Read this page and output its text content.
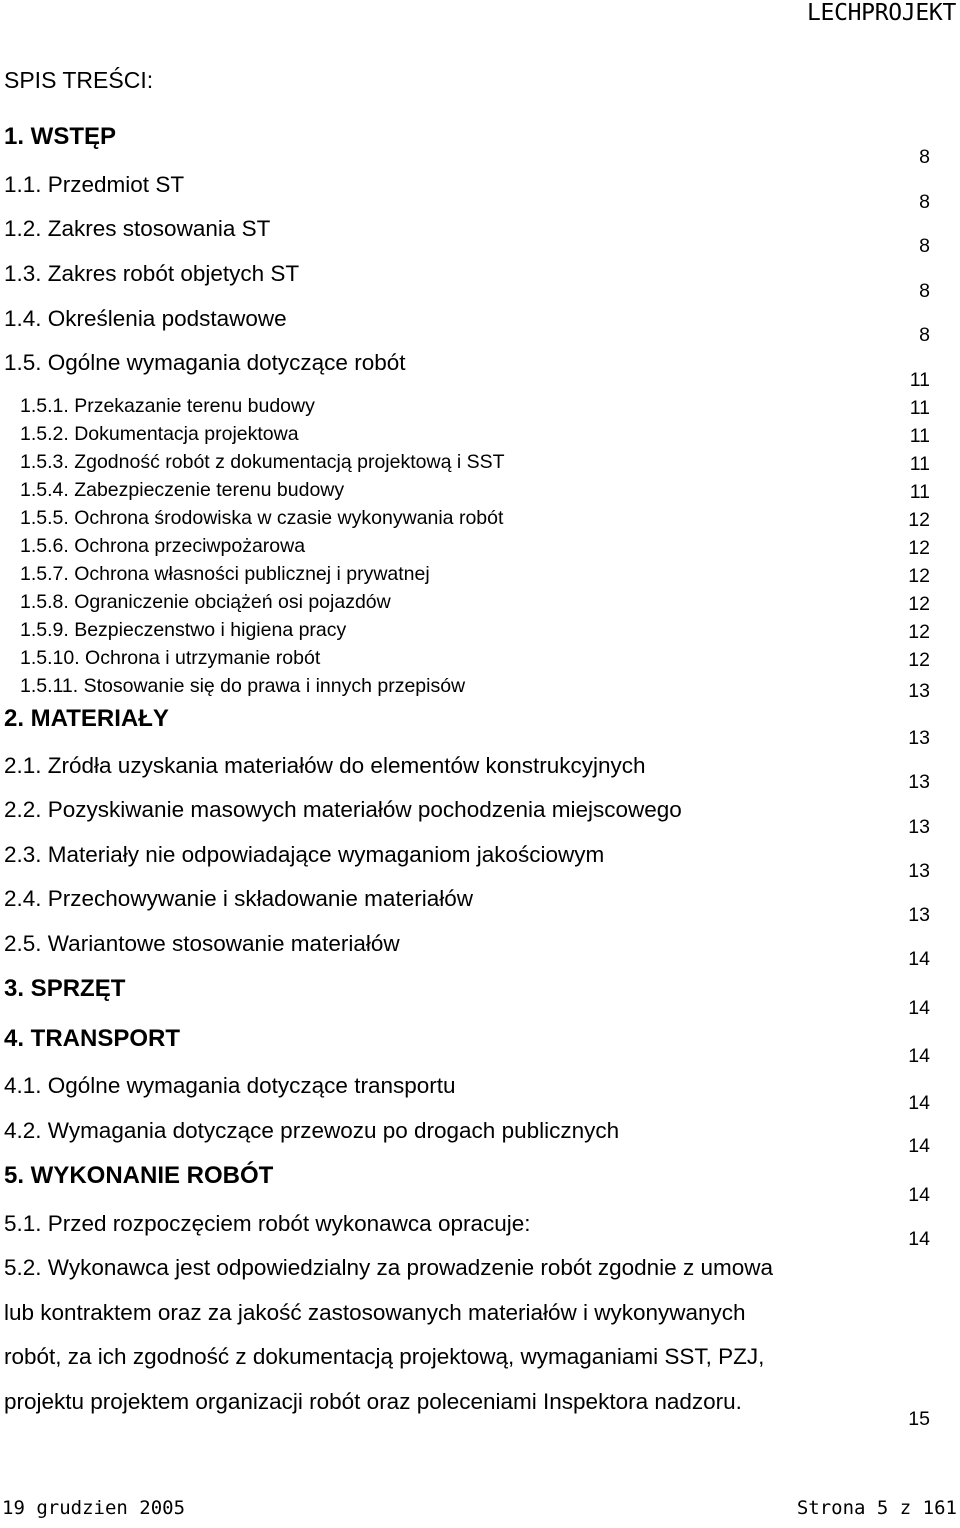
LECHPROJEKT
SPIS TREŚCI:
1. WSTĘP
1.1. Przedmiot ST
1.2. Zakres stosowania ST
1.3. Zakres robót objetych ST
1.4. Określenia podstawowe
1.5. Ogólne wymagania dotyczące robót
1.5.1. Przekazanie terenu budowy
1.5.2. Dokumentacja projektowa
1.5.3. Zgodność robót z dokumentacją projektową i SST
1.5.4. Zabezpieczenie terenu budowy
1.5.5. Ochrona środowiska w czasie wykonywania robót
1.5.6. Ochrona przeciwpożarowa
1.5.7. Ochrona własności publicznej i prywatnej
1.5.8. Ograniczenie obciążeń osi pojazdów
1.5.9. Bezpieczenstwo i higiena pracy
1.5.10. Ochrona i utrzymanie robót
1.5.11. Stosowanie się do prawa i innych przepisów
2. MATERIAŁY
2.1. Zródła uzyskania materiałów do elementów konstrukcyjnych
2.2. Pozyskiwanie masowych materiałów pochodzenia miejscowego
2.3. Materiały nie odpowiadające wymaganiom jakościowym
2.4. Przechowywanie i składowanie materiałów
2.5. Wariantowe stosowanie materiałów
3. SPRZĘT
4. TRANSPORT
4.1. Ogólne wymagania dotyczące transportu
4.2. Wymagania dotyczące przewozu po drogach publicznych
5. WYKONANIE ROBÓT
5.1. Przed rozpoczęciem robót wykonawca opracuje:
5.2. Wykonawca jest odpowiedzialny za prowadzenie robót zgodnie z umowa
lub kontraktem oraz za jakość zastosowanych materiałów i wykonywanych
robót, za ich zgodność z dokumentacją projektową, wymaganiami SST, PZJ,
projektu projektem organizacji robót oraz poleceniami Inspektora nadzoru.
8
8
8
8
8
11
11
11
11
11
12
12
12
12
12
12
13
13
13
13
13
13
14
14
14
14
14
14
14
15
19 grudzien 2005	Strona 5 z 161
